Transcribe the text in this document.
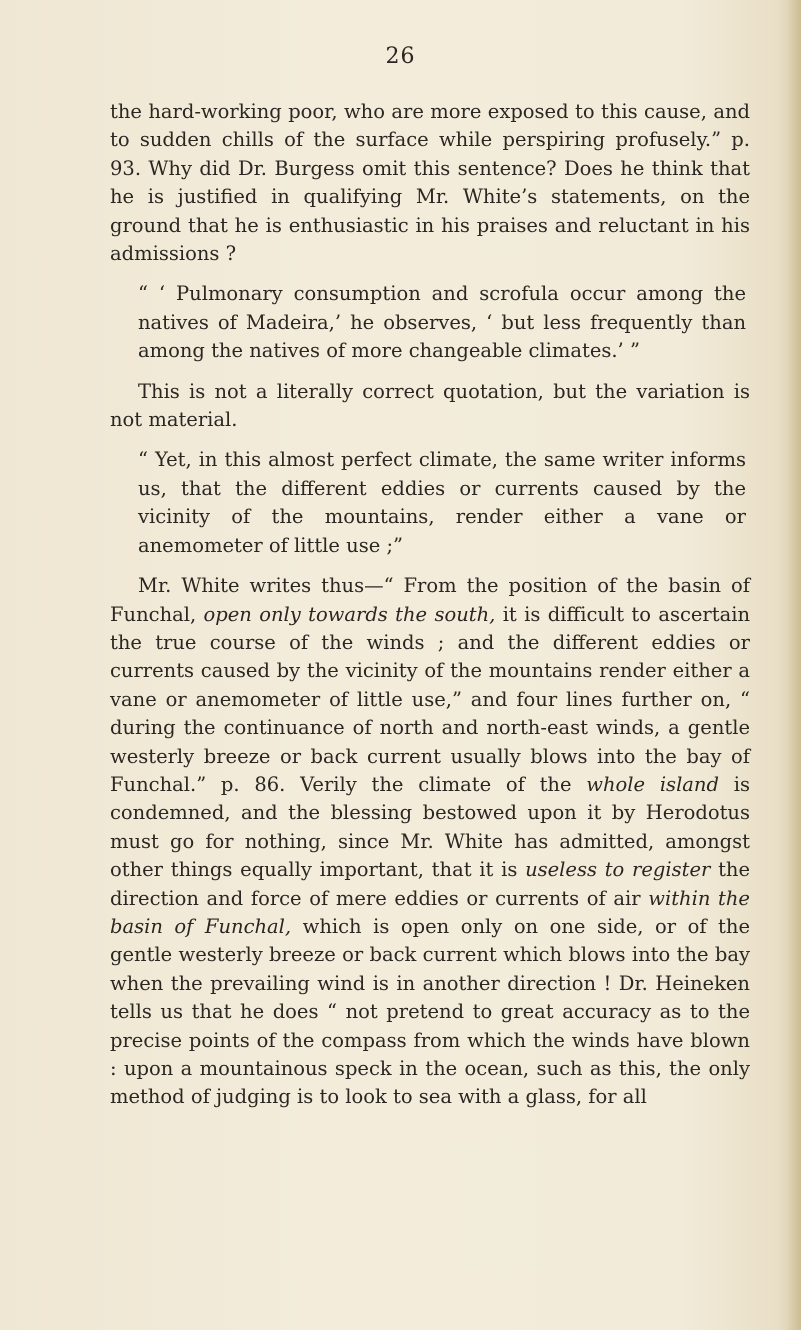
26

the hard-working poor, who are more exposed to this cause, and to sudden chills of the surface while perspiring profusely.” p. 93. Why did Dr. Burgess omit this sentence? Does he think that he is justified in qualifying Mr. White’s statements, on the ground that he is enthusiastic in his praises and reluctant in his admissions ?

“ ‘ Pulmonary consumption and scrofula occur among the natives of Madeira,’ he observes, ‘ but less frequently than among the natives of more changeable climates.’ ”

This is not a literally correct quotation, but the variation is not material.

“ Yet, in this almost perfect climate, the same writer informs us, that the different eddies or currents caused by the vicinity of the mountains, render either a vane or anemometer of little use ;”

Mr. White writes thus—“ From the position of the basin of Funchal, open only towards the south, it is difficult to ascertain the true course of the winds ; and the different eddies or currents caused by the vicinity of the mountains render either a vane or anemometer of little use,” and four lines further on, “ during the continuance of north and north-east winds, a gentle westerly breeze or back current usually blows into the bay of Funchal.” p. 86. Verily the climate of the whole island is condemned, and the blessing bestowed upon it by Herodotus must go for nothing, since Mr. White has admitted, amongst other things equally important, that it is useless to register the direction and force of mere eddies or currents of air within the basin of Funchal, which is open only on one side, or of the gentle westerly breeze or back current which blows into the bay when the prevailing wind is in another direction ! Dr. Heineken tells us that he does “ not pretend to great accuracy as to the precise points of the compass from which the winds have blown : upon a mountainous speck in the ocean, such as this, the only method of judging is to look to sea with a glass, for all
